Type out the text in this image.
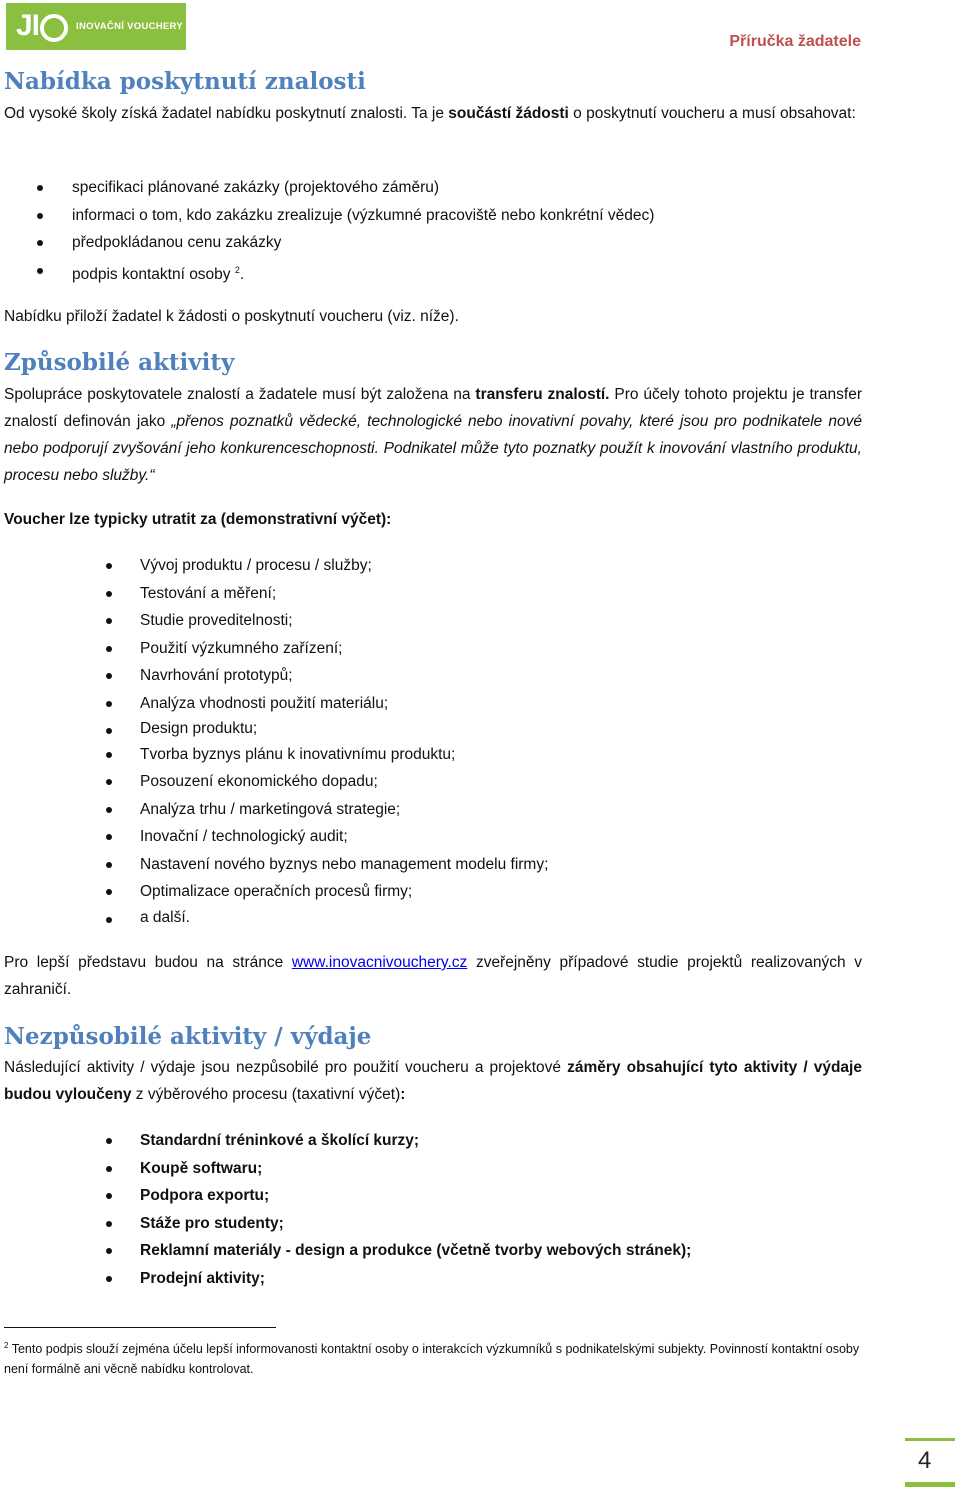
JI	INOVAČNÍ VOUCHERY
Příručka žadatele
Nabídka poskytnutí znalosti

Od vysoké školy získá žadatel nabídku poskytnutí znalosti. Ta je součástí žádosti o poskytnutí voucheru a musí obsahovat:

specifikaci plánované zakázky (projektového záměru)
informaci o tom, kdo zakázku zrealizuje (výzkumné pracoviště nebo konkrétní vědec)
předpokládanou cenu zakázky
podpis kontaktní osoby $^2$.

Nabídku přiloží žadatel k žádosti o poskytnutí voucheru (viz. níže).

Způsobilé aktivity

Spolupráce poskytovatele znalostí a žadatele musí být založena na transferu znalostí. Pro účely tohoto projektu je transfer znalostí definován jako „přenos poznatků vědecké, technologické nebo inovativní povahy, které jsou pro podnikatele nové nebo podporují zvyšování jeho konkurenceschopnosti. Podnikatel může tyto poznatky použít k inovování vlastního produktu, procesu nebo služby.“

Voucher lze typicky utratit za (demonstrativní výčet):

Vývoj produktu / procesu / služby;
Testování a měření;
Studie proveditelnosti;
Použití výzkumného zařízení;
Navrhování prototypů;
Analýza vhodnosti použití materiálu;
Design produktu;
Tvorba byznys plánu k inovativnímu produktu;
Posouzení ekonomického dopadu;
Analýza trhu / marketingová strategie;
Inovační / technologický audit;
Nastavení nového byznys nebo management modelu firmy;
Optimalizace operačních procesů firmy;
a další.

Pro lepší představu budou na stránce www.inovacnivouchery.cz zveřejněny případové studie projektů realizovaných v zahraničí.

Nezpůsobilé aktivity / výdaje

Následující aktivity / výdaje jsou nezpůsobilé pro použití voucheru a projektové záměry obsahující tyto aktivity / výdaje budou vyloučeny z výběrového procesu (taxativní výčet):

Standardní tréninkové a školící kurzy;
Koupě softwaru;
Podpora exportu;
Stáže pro studenty;
Reklamní materiály - design a produkce (včetně tvorby webových stránek);
Prodejní aktivity;
$^2$ Tento podpis slouží zejména účelu lepší informovanosti kontaktní osoby o interakcích výzkumníků s podnikatelskými subjekty. Povinností kontaktní osoby není formálně ani věcně nabídku kontrolovat.
4
